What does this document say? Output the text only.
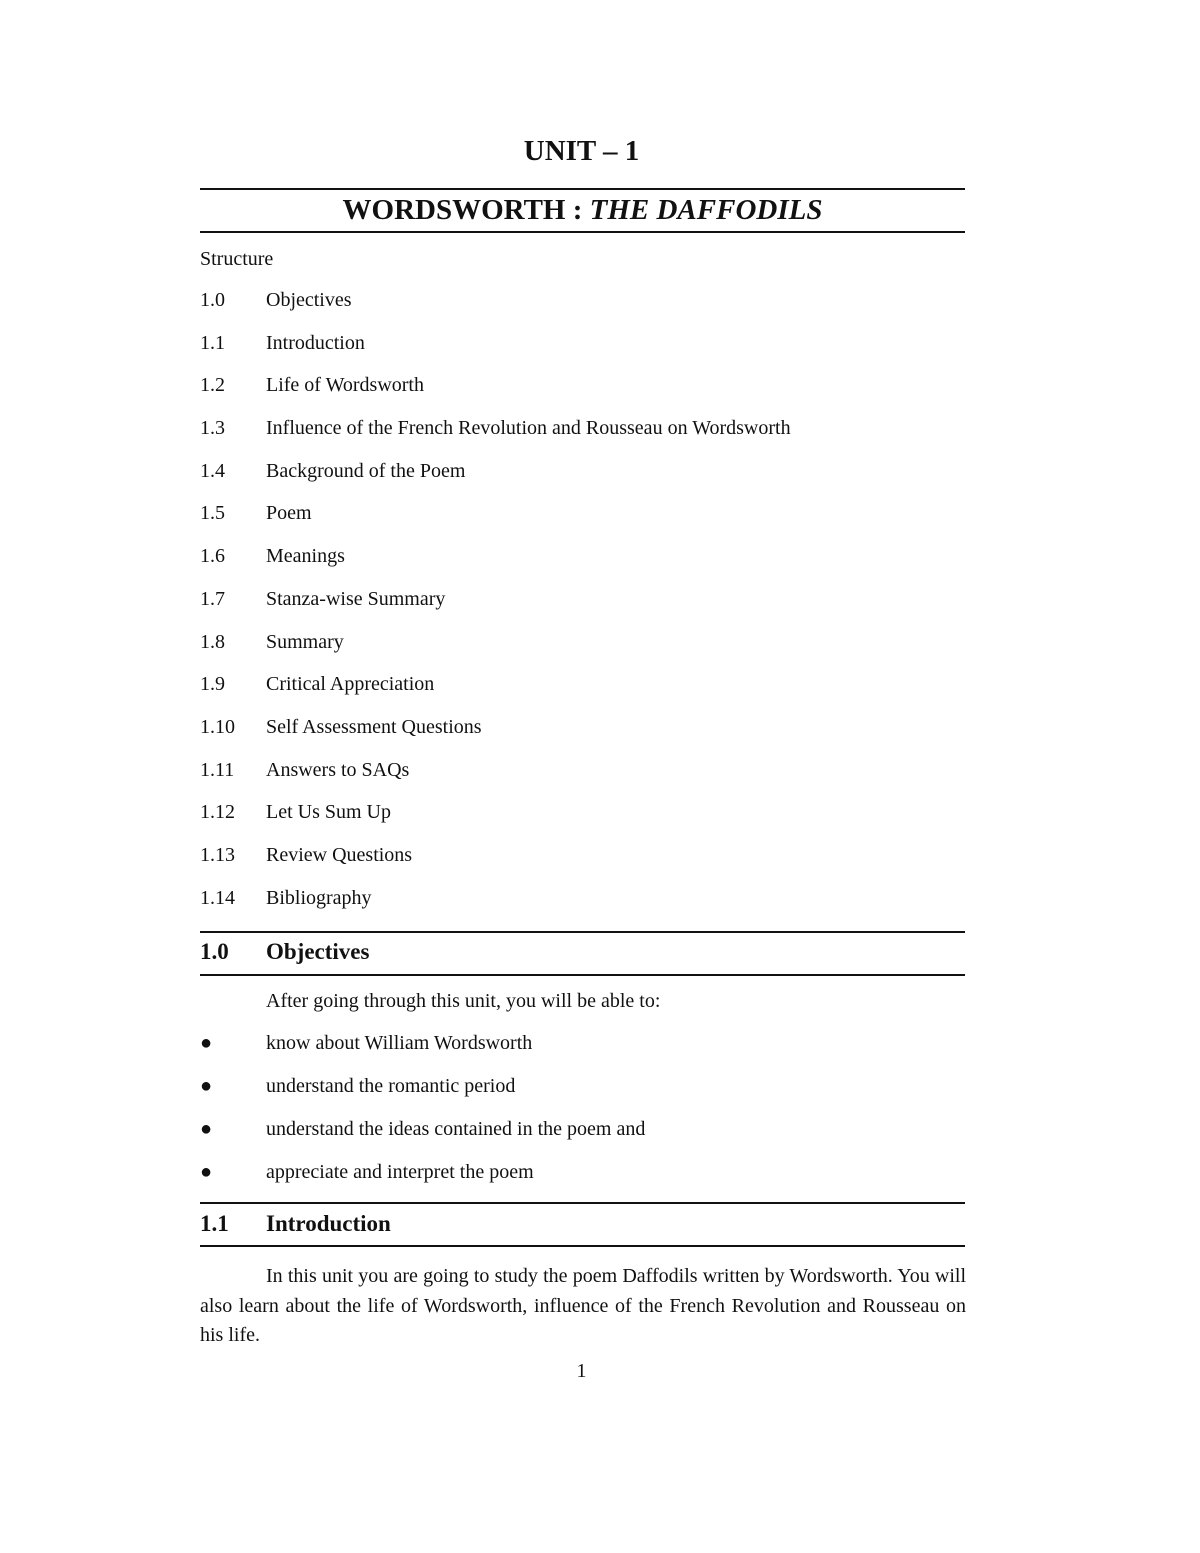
UNIT – 1
WORDSWORTH : THE DAFFODILS
Structure
1.0	Objectives
1.1	Introduction
1.2	Life of Wordsworth
1.3	Influence of the French Revolution and Rousseau on Wordsworth
1.4	Background of the Poem
1.5	Poem
1.6	Meanings
1.7	Stanza-wise Summary
1.8	Summary
1.9	Critical Appreciation
1.10	Self Assessment Questions
1.11	Answers to SAQs
1.12	Let Us Sum Up
1.13	Review Questions
1.14	Bibliography
1.0	Objectives
After going through this unit, you will be able to:
●	know about William Wordsworth
●	understand the romantic period
●	understand the ideas contained in the poem and
●	appreciate and interpret the poem
1.1	Introduction

In this unit you are going to study the poem Daffodils written by Wordsworth. You will also learn about the life of Wordsworth, influence of the French Revolution and Rousseau on his life.

1
